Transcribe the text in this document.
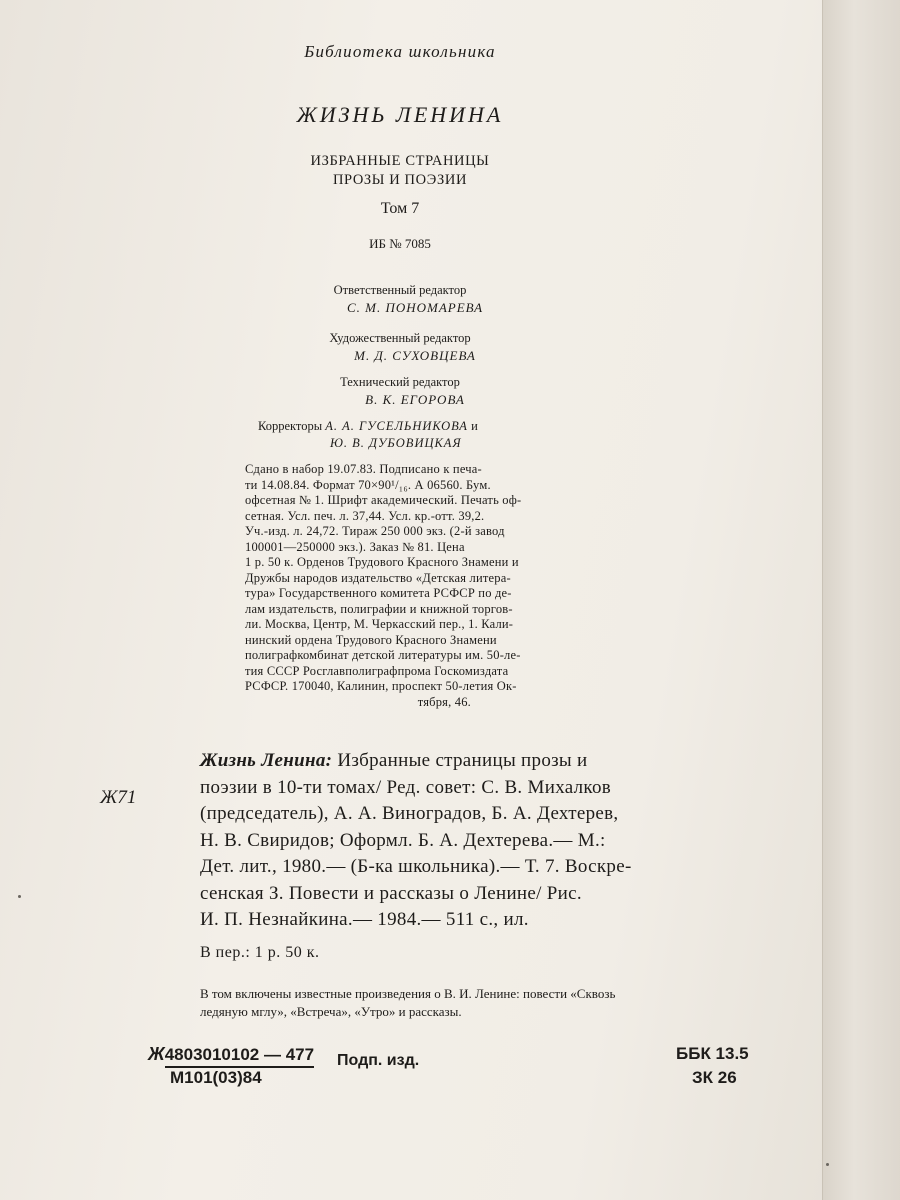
Библиотека школьника
ЖИЗНЬ ЛЕНИНА
ИЗБРАННЫЕ СТРАНИЦЫ
ПРОЗЫ И ПОЭЗИИ
Том 7
ИБ № 7085
Ответственный редактор
С. М. ПОНОМАРЕВА
Художественный редактор
М. Д. СУХОВЦЕВА
Технический редактор
В. К. ЕГОРОВА
Корректоры А. А. ГУСЕЛЬНИКОВА и
Ю. В. ДУБОВИЦКАЯ
Сдано в набор 19.07.83. Подписано к печа-
ти 14.08.84. Формат 70×90¹/₁₆. А 06560. Бум.
офсетная № 1. Шрифт академический. Печать оф-
сетная. Усл. печ. л. 37,44. Усл. кр.-отт. 39,2.
Уч.-изд. л. 24,72. Тираж 250 000 экз. (2-й завод
100001—250000 экз.). Заказ № 81. Цена
1 р. 50 к. Орденов Трудового Красного Знамени и
Дружбы народов издательство «Детская литера-
тура» Государственного комитета РСФСР по де-
лам издательств, полиграфии и книжной торгов-
ли. Москва, Центр, М. Черкасский пер., 1. Кали-
нинский ордена Трудового Красного Знамени
полиграфкомбинат детской литературы им. 50-ле-
тия СССР Росглавполиграфпрома Госкомиздата
РСФСР. 170040, Калинин, проспект 50-летия Ок-
тября, 46.
Ж71
Жизнь Ленина: Избранные страницы прозы и
поэзии в 10-ти томах/ Ред. совет: С. В. Михалков
(председатель), А. А. Виноградов, Б. А. Дехтерев,
Н. В. Свиридов; Оформл. Б. А. Дехтерева.— М.:
Дет. лит., 1980.— (Б-ка школьника).— Т. 7. Воскре-
сенская З. Повести и рассказы о Ленине/ Рис.
И. П. Незнайкина.— 1984.— 511 с., ил.
В пер.: 1 р. 50 к.
В том включены известные произведения о В. И. Ленине: повести «Сквозь
ледяную мглу», «Встреча», «Утро» и рассказы.
Ж4803010102 — 477
М101(03)84
Подп. изд.	ББК 13.5
ЗК 26
